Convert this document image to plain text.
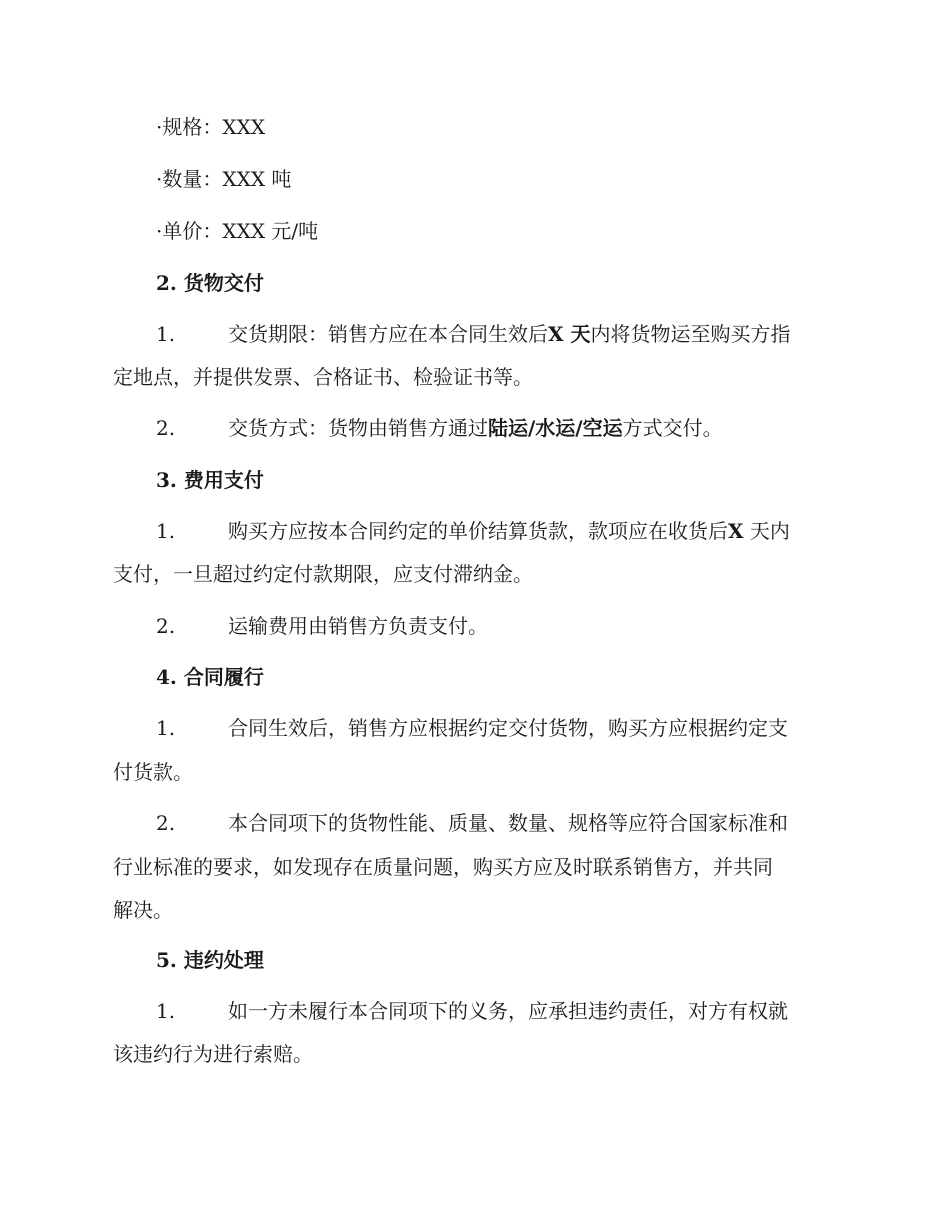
·规格：XXX
·数量：XXX 吨
·单价：XXX 元/吨
2. 货物交付
1.	交货期限：销售方应在本合同生效后X 天内将货物运至购买方指
定地点，并提供发票、合格证书、检验证书等。
2.	交货方式：货物由销售方通过陆运/水运/空运方式交付。
3. 费用支付
1.	购买方应按本合同约定的单价结算货款，款项应在收货后X 天内
支付，一旦超过约定付款期限，应支付滞纳金。
2.	运输费用由销售方负责支付。
4. 合同履行
1.	合同生效后，销售方应根据约定交付货物，购买方应根据约定支
付货款。
2.	本合同项下的货物性能、质量、数量、规格等应符合国家标准和
行业标准的要求，如发现存在质量问题，购买方应及时联系销售方，并共同
解决。
5. 违约处理
1.	如一方未履行本合同项下的义务，应承担违约责任，对方有权就
该违约行为进行索赔。
